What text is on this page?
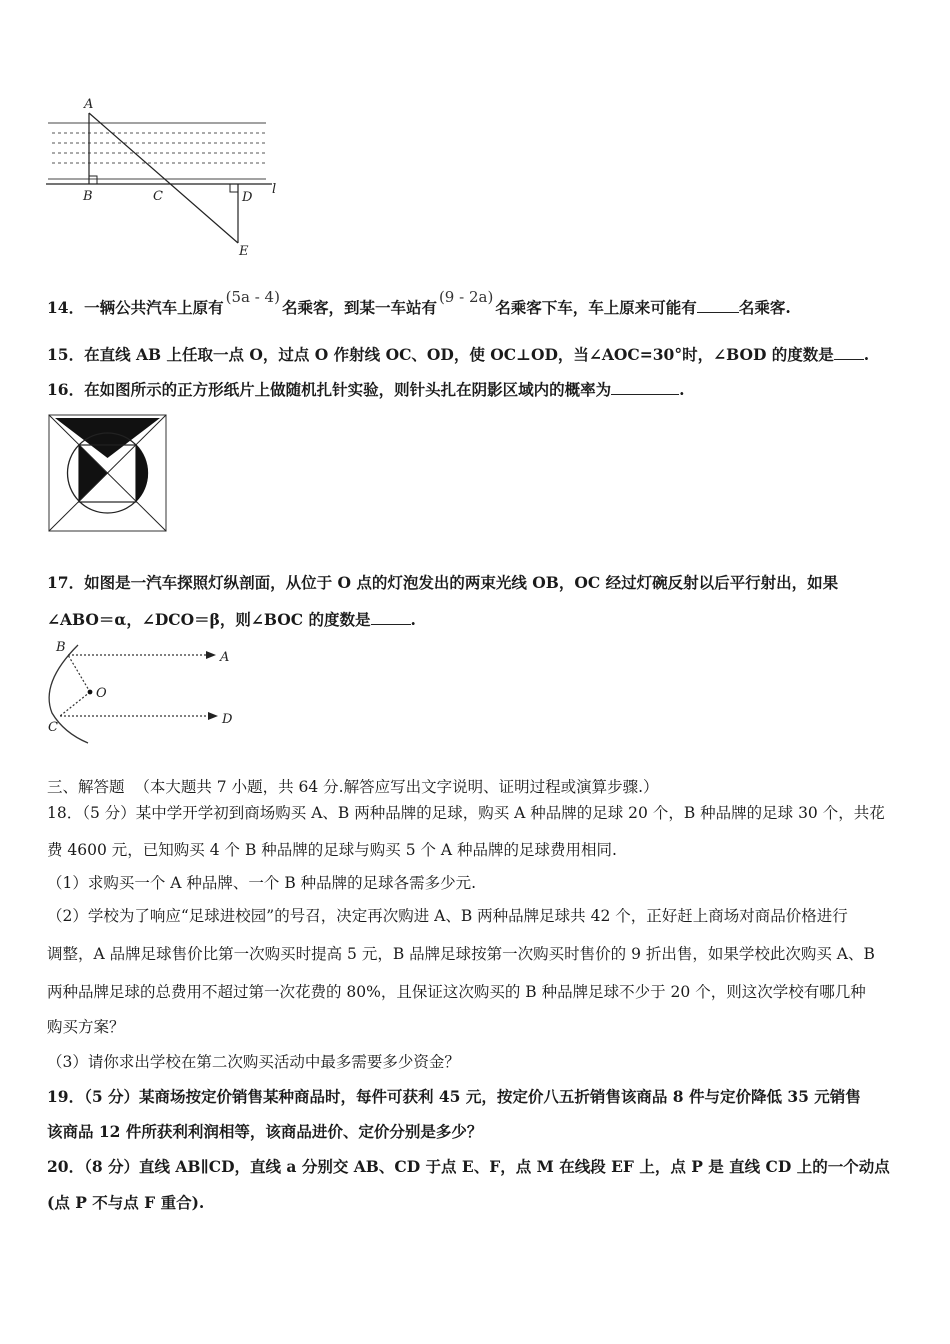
A
B	C	D
E
l
14．一辆公共汽车上原有(5a - 4)名乘客，到某一车站有(9 - 2a)名乘客下车，车上原来可能有	名乘客.
15．在直线 AB 上任取一点 O，过点 O 作射线 OC、OD，使 OC⊥OD，当∠AOC=30°时，∠BOD 的度数是 .
16．在如图所示的正方形纸片上做随机扎针实验，则针头扎在阴影区域内的概率为	.
17．如图是一汽车探照灯纵剖面，从位于 O 点的灯泡发出的两束光线 OB，OC 经过灯碗反射以后平行射出，如果
∠ABO＝α，∠DCO＝β，则∠BOC 的度数是	.
B
A
O
C
D
三、解答题 （本大题共 7 小题，共 64 分.解答应写出文字说明、证明过程或演算步骤.）
18．（5 分）某中学开学初到商场购买 A、B 两种品牌的足球，购买 A 种品牌的足球 20 个，B 种品牌的足球 30 个，共花
费 4600 元，已知购买 4 个 B 种品牌的足球与购买 5 个 A 种品牌的足球费用相同.
（1）求购买一个 A 种品牌、一个 B 种品牌的足球各需多少元.
（2）学校为了响应“足球进校园”的号召，决定再次购进 A、B 两种品牌足球共 42 个，正好赶上商场对商品价格进行
调整，A 品牌足球售价比第一次购买时提高 5 元，B 品牌足球按第一次购买时售价的 9 折出售，如果学校此次购买 A、B
两种品牌足球的总费用不超过第一次花费的 80%，且保证这次购买的 B 种品牌足球不少于 20 个，则这次学校有哪几种
购买方案？
（3）请你求出学校在第二次购买活动中最多需要多少资金？
19．（5 分）某商场按定价销售某种商品时，每件可获利 45 元，按定价八五折销售该商品 8 件与定价降低 35 元销售
该商品 12 件所获利利润相等，该商品进价、定价分别是多少？
20．（8 分）直线 AB∥CD，直线 a 分别交 AB、CD 于点 E、F，点 M 在线段 EF 上，点 P 是 直线 CD 上的一个动点
(点 P 不与点 F 重合).
